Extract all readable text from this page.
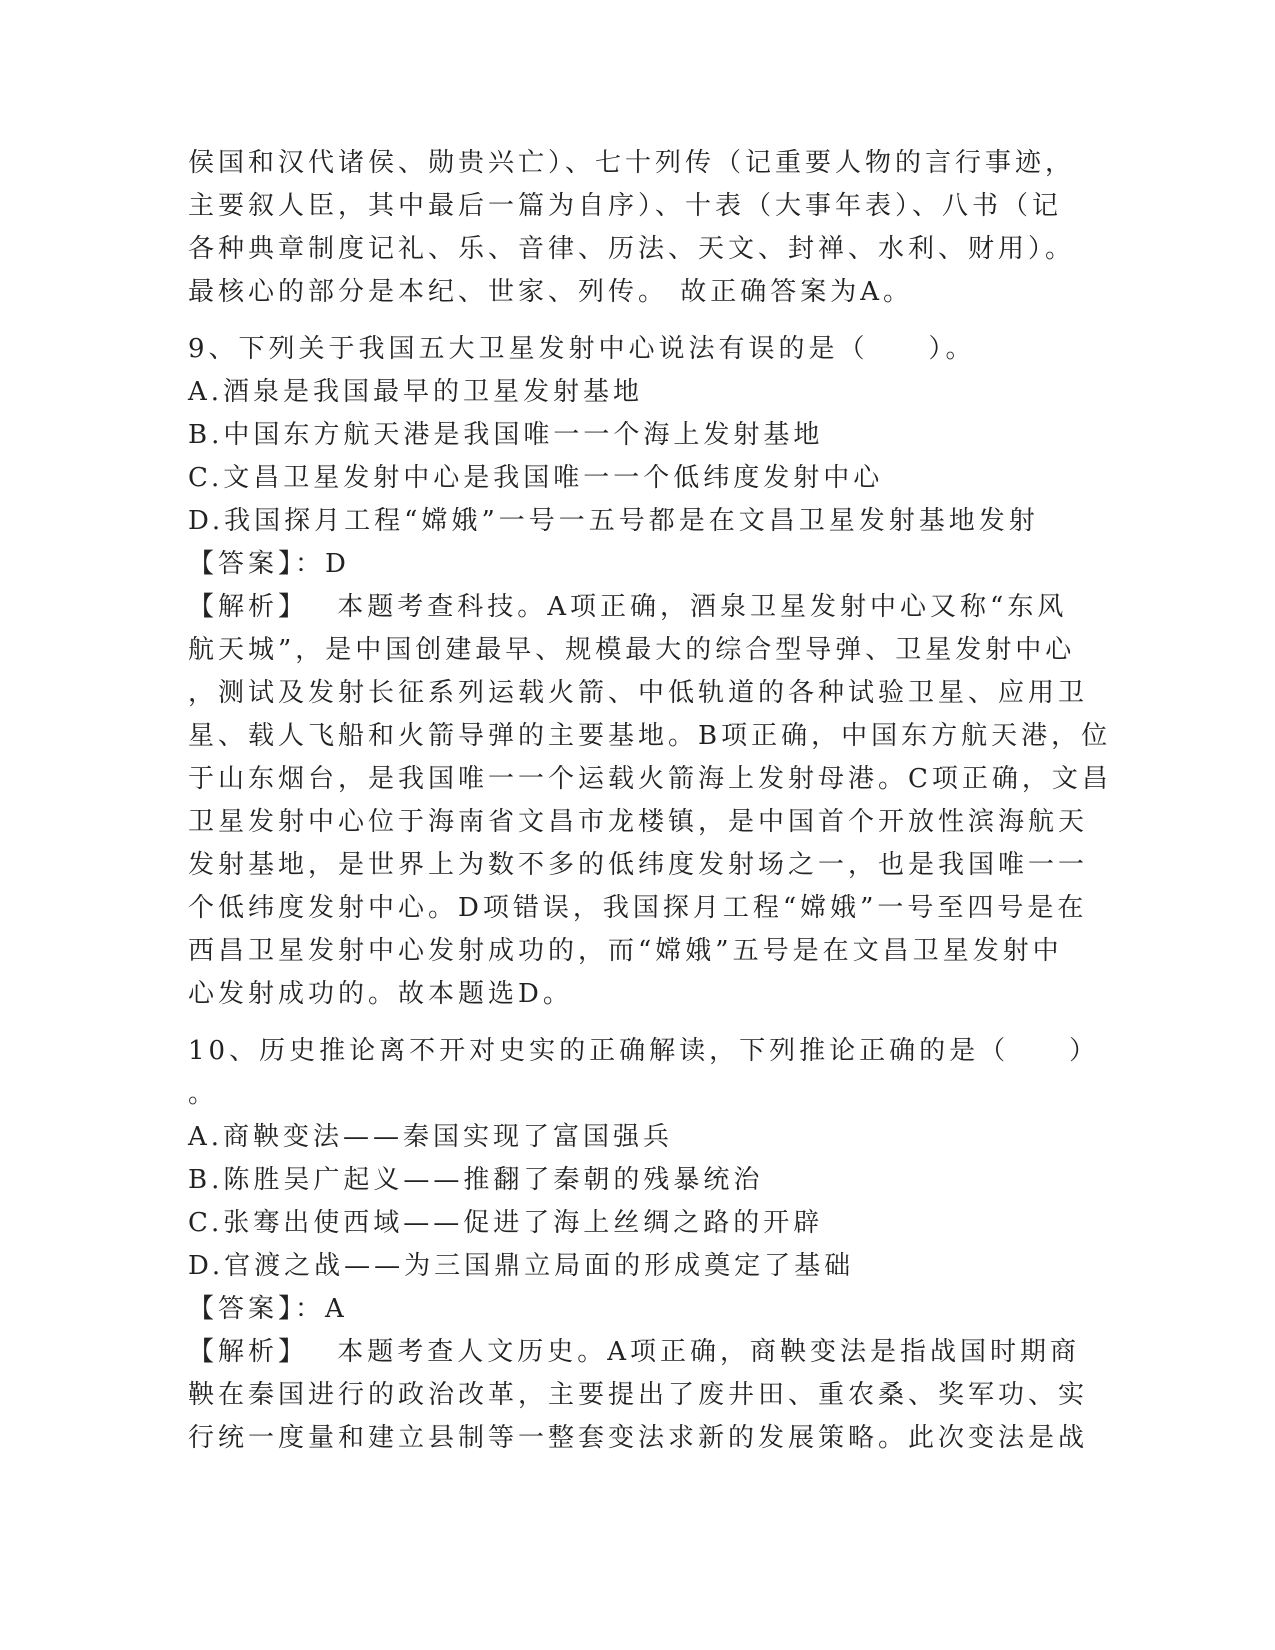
侯国和汉代诸侯、勋贵兴亡）、七十列传（记重要人物的言行事迹，
主要叙人臣，其中最后一篇为自序）、十表（大事年表）、八书（记
各种典章制度记礼、乐、音律、历法、天文、封禅、水利、财用）。
最核心的部分是本纪、世家、列传。 故正确答案为A。
9、下列关于我国五大卫星发射中心说法有误的是（　　）。
A.酒泉是我国最早的卫星发射基地
B.中国东方航天港是我国唯一一个海上发射基地
C.文昌卫星发射中心是我国唯一一个低纬度发射中心
D.我国探月工程“嫦娥”一号一五号都是在文昌卫星发射基地发射
【答案】：D
【解析】　 本题考查科技。A项正确，酒泉卫星发射中心又称“东风
航天城”，是中国创建最早、规模最大的综合型导弹、卫星发射中心
，测试及发射长征系列运载火箭、中低轨道的各种试验卫星、应用卫
星、载人飞船和火箭导弹的主要基地。B项正确，中国东方航天港，位
于山东烟台，是我国唯一一个运载火箭海上发射母港。C项正确，文昌
卫星发射中心位于海南省文昌市龙楼镇，是中国首个开放性滨海航天
发射基地，是世界上为数不多的低纬度发射场之一，也是我国唯一一
个低纬度发射中心。D项错误，我国探月工程“嫦娥”一号至四号是在
西昌卫星发射中心发射成功的，而“嫦娥”五号是在文昌卫星发射中
心发射成功的。故本题选D。
10、历史推论离不开对史实的正确解读，下列推论正确的是（　　）
。
A.商鞅变法——秦国实现了富国强兵
B.陈胜吴广起义——推翻了秦朝的残暴统治
C.张骞出使西域——促进了海上丝绸之路的开辟
D.官渡之战——为三国鼎立局面的形成奠定了基础
【答案】：A
【解析】　 本题考查人文历史。A项正确，商鞅变法是指战国时期商
鞅在秦国进行的政治改革，主要提出了废井田、重农桑、奖军功、实
行统一度量和建立县制等一整套变法求新的发展策略。此次变法是战
